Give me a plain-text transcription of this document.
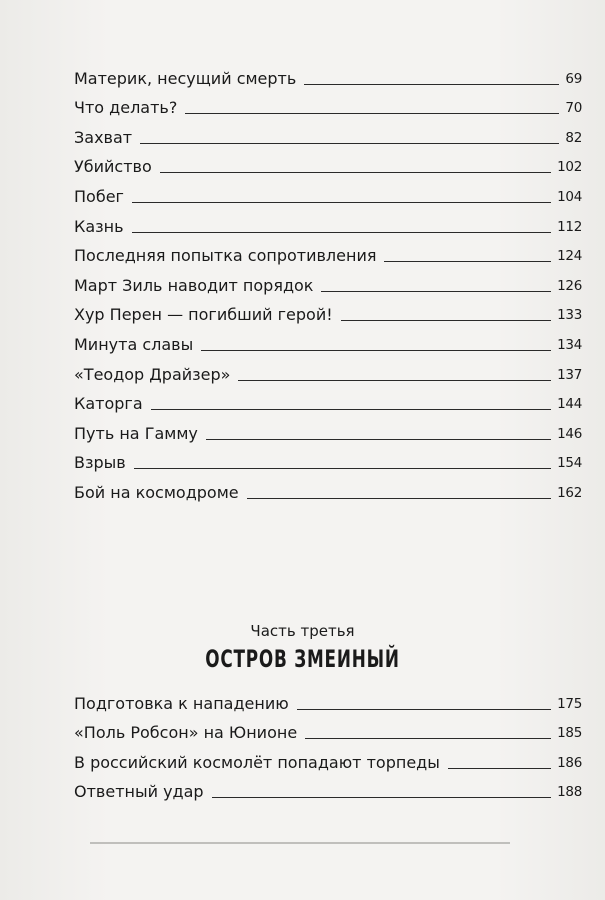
Материк, несущий смерть	69
Что делать?	70
Захват	82
Убийство	102
Побег	104
Казнь	112
Последняя попытка сопротивления	124
Март Зиль наводит порядок	126
Хур Перен — погибший герой!	133
Минута славы	134
«Теодор Драйзер»	137
Каторга	144
Путь на Гамму	146
Взрыв	154
Бой на космодроме	162
Часть третья
ОСТРОВ ЗМЕИНЫЙ
Подготовка к нападению	175
«Поль Робсон» на Юнионе	185
В российский космолёт попадают торпеды	186
Ответный удар	188
